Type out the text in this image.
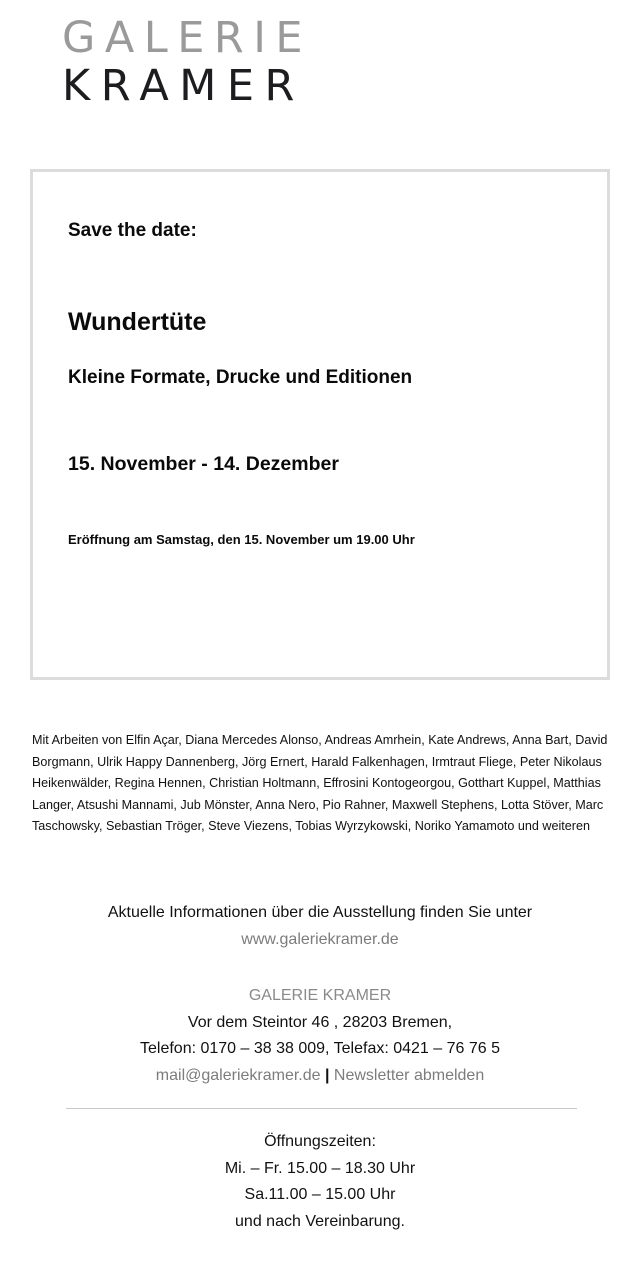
GALERIE
KRAMER
Save the date:
Wundertüte
Kleine Formate, Drucke und Editionen
15. November - 14. Dezember
Eröffnung am Samstag, den 15. November um 19.00 Uhr

Mit Arbeiten von Elfin Açar, Diana Mercedes Alonso, Andreas Amrhein, Kate Andrews, Anna Bart, David Borgmann, Ulrik Happy Dannenberg, Jörg Ernert, Harald Falkenhagen, Irmtraut Fliege, Peter Nikolaus Heikenwälder, Regina Hennen, Christian Holtmann, Effrosini Kontogeorgou, Gotthart Kuppel, Matthias Langer, Atsushi Mannami, Jub Mönster, Anna Nero, Pio Rahner, Maxwell Stephens, Lotta Stöver, Marc Taschowsky, Sebastian Tröger, Steve Viezens, Tobias Wyrzykowski, Noriko Yamamoto und weiteren

Aktuelle Informationen über die Ausstellung finden Sie unter
www.galeriekramer.de
GALERIE KRAMER
Vor dem Steintor 46 , 28203 Bremen,
Telefon: 0170 – 38 38 009, Telefax: 0421 – 76 76 5
mail@galeriekramer.de | Newsletter abmelden
Öffnungszeiten:
Mi. – Fr. 15.00 – 18.30 Uhr
Sa.11.00 – 15.00 Uhr
und nach Vereinbarung.
